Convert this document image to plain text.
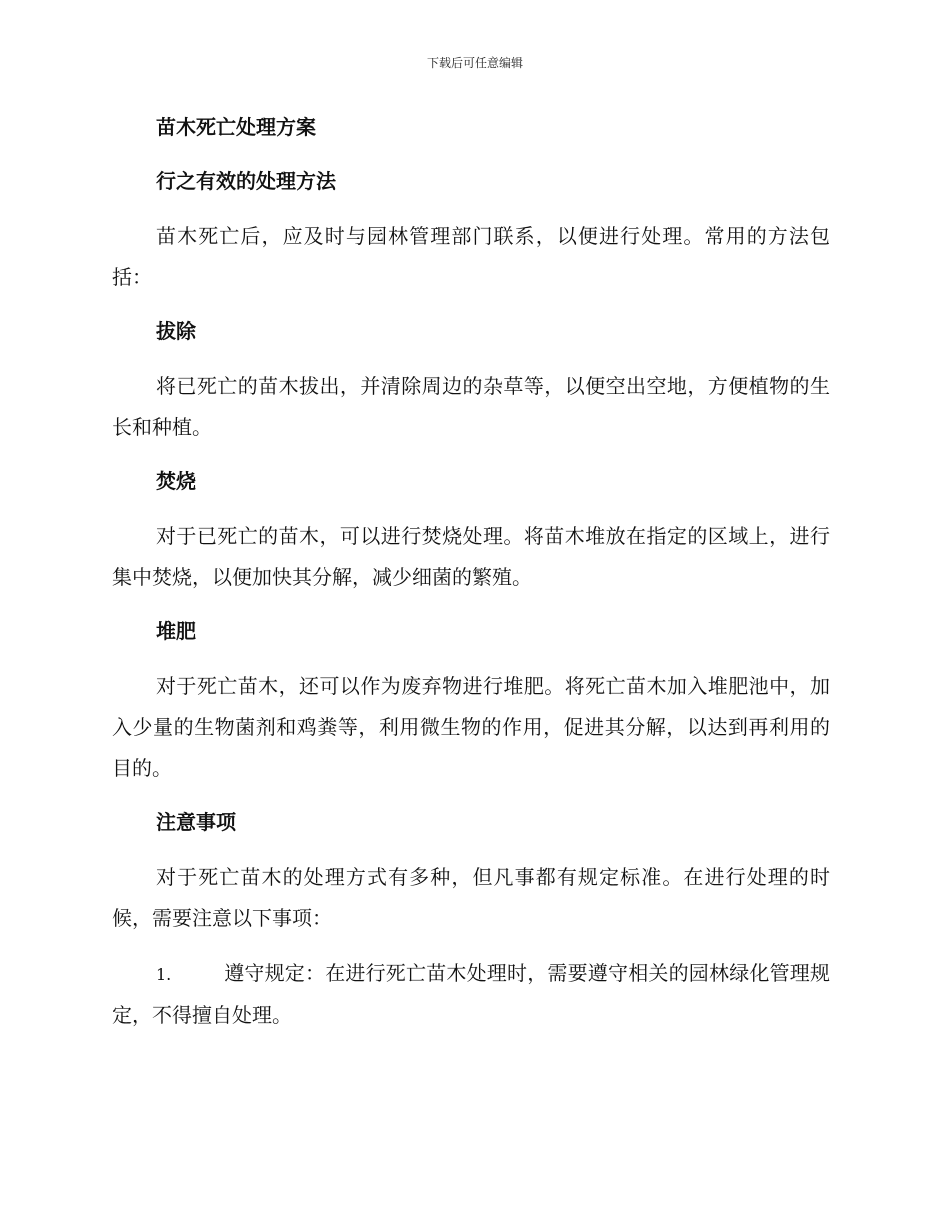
下载后可任意编辑
苗木死亡处理方案
行之有效的处理方法
苗木死亡后，应及时与园林管理部门联系，以便进行处理。常用的方法包括：
拔除
将已死亡的苗木拔出，并清除周边的杂草等，以便空出空地，方便植物的生长和种植。
焚烧
对于已死亡的苗木，可以进行焚烧处理。将苗木堆放在指定的区域上，进行集中焚烧，以便加快其分解，减少细菌的繁殖。
堆肥
对于死亡苗木，还可以作为废弃物进行堆肥。将死亡苗木加入堆肥池中，加入少量的生物菌剂和鸡粪等，利用微生物的作用，促进其分解，以达到再利用的目的。
注意事项
对于死亡苗木的处理方式有多种，但凡事都有规定标准。在进行处理的时候，需要注意以下事项：
1.	遵守规定：在进行死亡苗木处理时，需要遵守相关的园林绿化管理规定，不得擅自处理。
